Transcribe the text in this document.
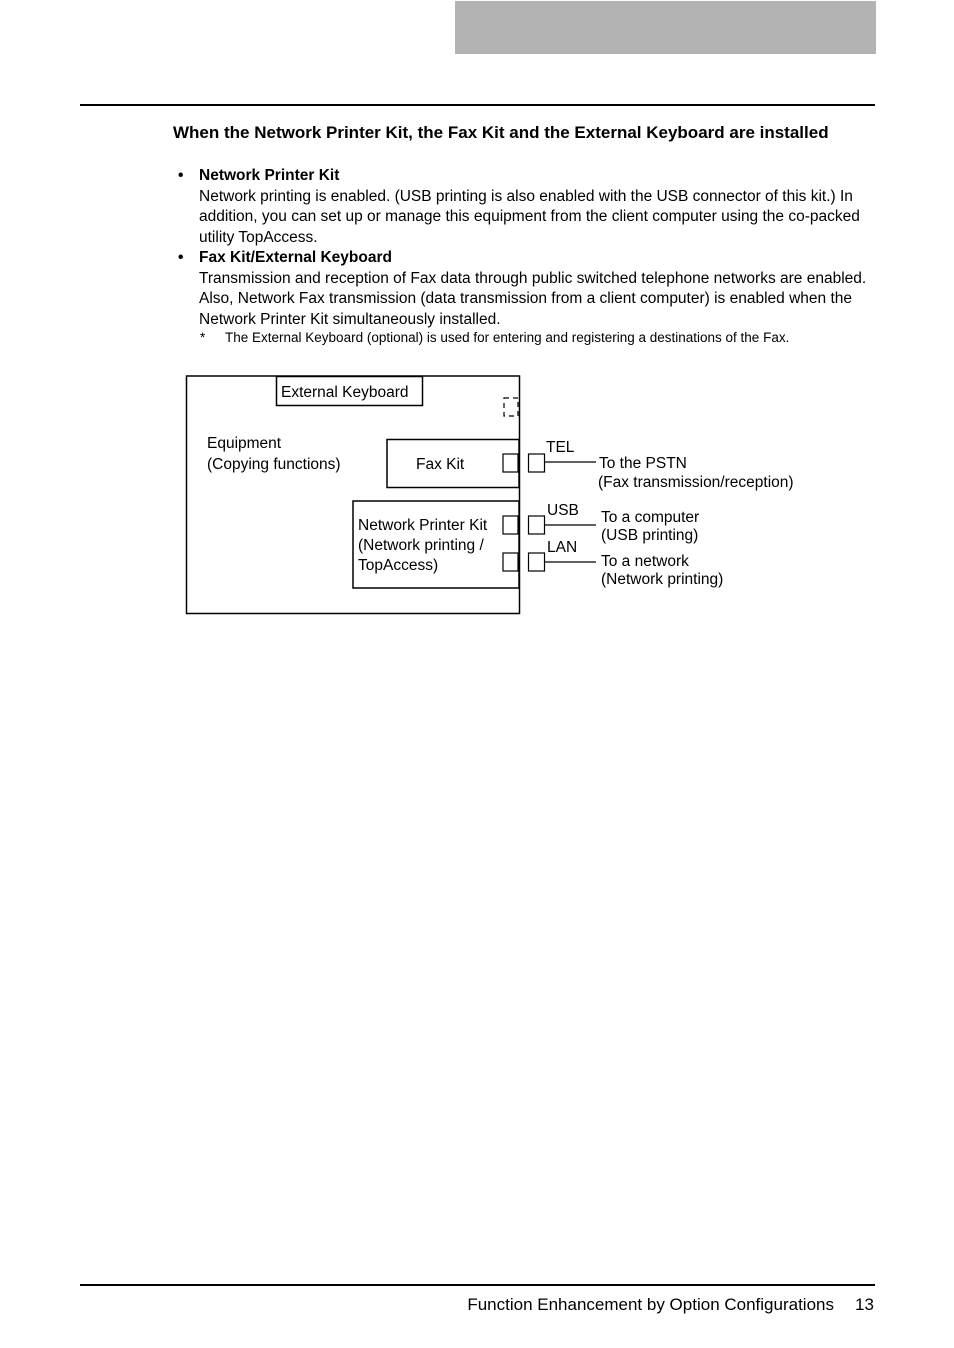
When the Network Printer Kit, the Fax Kit and the External Keyboard are installed
• Network Printer Kit
Network printing is enabled. (USB printing is also enabled with the USB connector of this kit.) In addition, you can set up or manage this equipment from the client computer using the co-packed utility TopAccess.
• Fax Kit/External Keyboard
Transmission and reception of Fax data through public switched telephone networks are enabled. Also, Network Fax transmission (data transmission from a client computer) is enabled when the Network Printer Kit simultaneously installed.
* The External Keyboard (optional) is used for entering and registering a destinations of the Fax.
External Keyboard
Equipment
(Copying functions)	Fax Kit
Network Printer Kit
(Network printing /
TopAccess)
TEL
USB
LAN
To the PSTN
(Fax transmission/reception)
To a computer
(USB printing)
To a network
(Network printing)
Function Enhancement by Option Configurations 13
